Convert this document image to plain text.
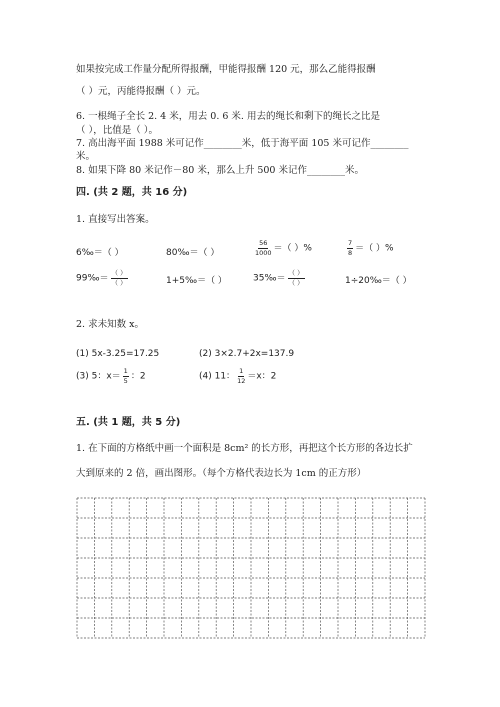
如果按完成工作量分配所得报酬，甲能得报酬 120 元，那么乙能得报酬
（ ）元，丙能得报酬（ ）元。
6. 一根绳子全长 2. 4 米，用去 0. 6 米. 用去的绳长和剩下的绳长之比是
（ ），比值是（ ）。
7. 高出海平面 1988 米可记作________米，低于海平面 105 米可记作________
米。
8. 如果下降 80 米记作－80 米，那么上升 500 米记作________米。
四. (共 2 题，共 16 分)
1. 直接写出答案。
6‰＝（ ）	80‰＝（ ）	$\frac{56}{1000}$ ＝（ ）%	$\frac{7}{8}$ ＝（ ）%
99‰＝ $\frac{( )}{( )}$	1+5‰＝（ ）	35‰＝ $\frac{( )}{( )}$	1÷20‰＝（ ）
2. 求未知数 x。
(1) 5x-3.25=17.25	(2) 3×2.7+2x=137.9
(3) 5：$x= \frac{1}{5}$ ：2	(4) 11： $\frac{1}{12} =x$：2
五. (共 1 题，共 5 分)
1. 在下面的方格纸中画一个面积是 8cm² 的长方形，再把这个长方形的各边长扩
大到原来的 2 倍，画出图形。（每个方格代表边长为 1cm 的正方形）
